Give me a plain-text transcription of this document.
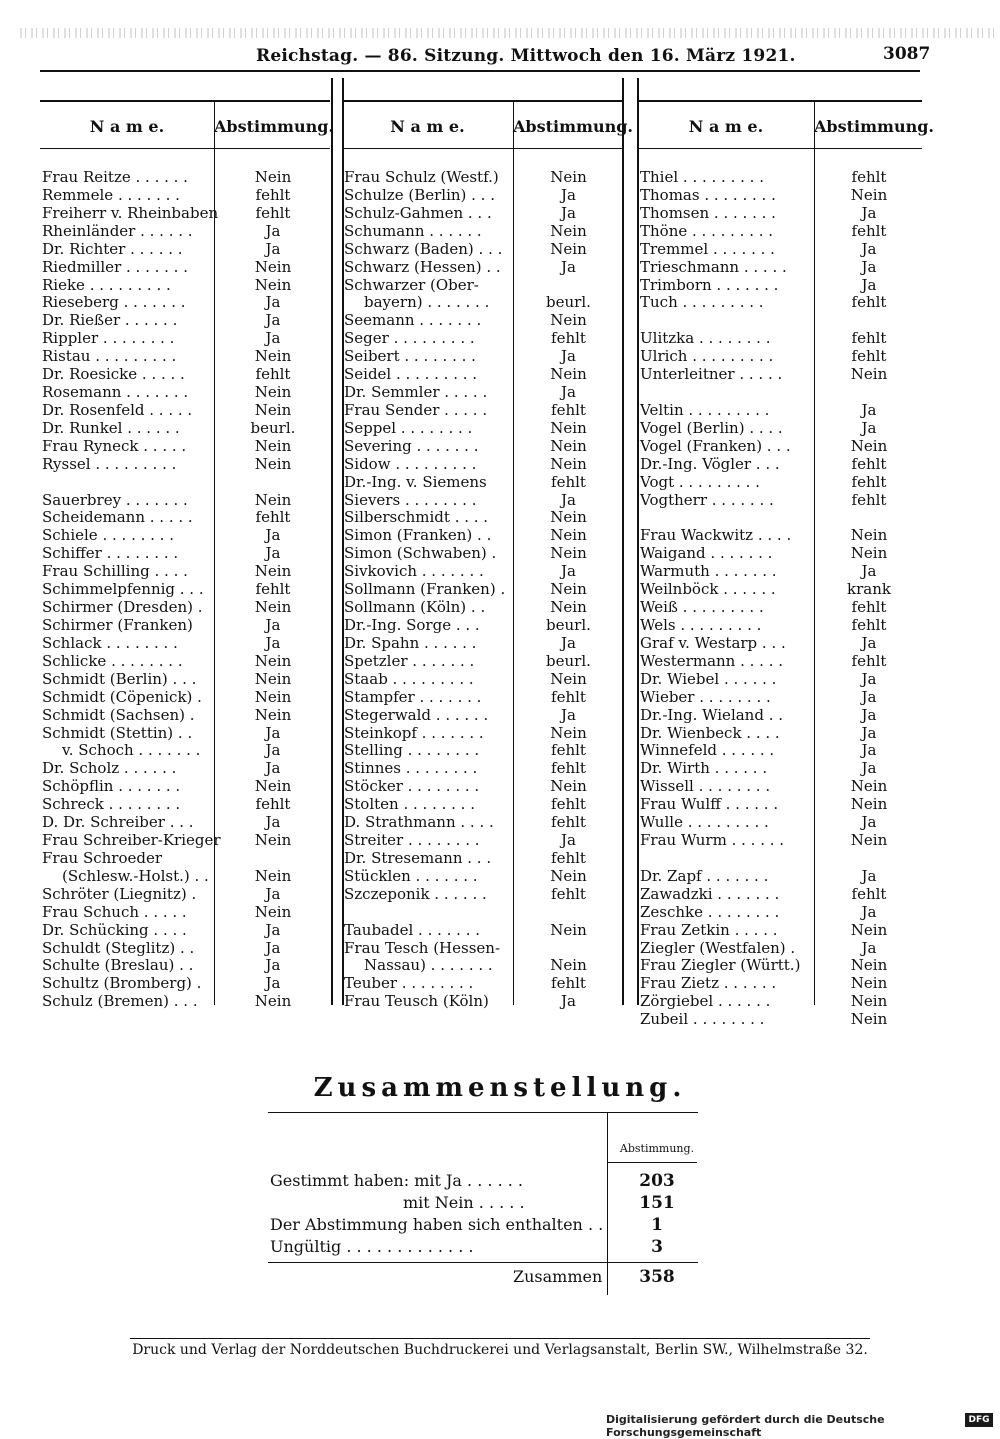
Reichstag. — 86. Sitzung. Mittwoch den 16. März 1921.	3087
N a m e.	Abstimmung.
Frau Reitze . . . . . .	Nein
Remmele . . . . . . .	fehlt
Freiherr v. Rheinbaben	fehlt
Rheinländer . . . . . .	Ja
Dr. Richter . . . . . .	Ja
Riedmiller . . . . . . .	Nein
Rieke . . . . . . . . .	Nein
Rieseberg . . . . . . .	Ja
Dr. Rießer . . . . . .	Ja
Rippler . . . . . . . .	Ja
Ristau . . . . . . . . .	Nein
Dr. Roesicke . . . . .	fehlt
Rosemann . . . . . . .	Nein
Dr. Rosenfeld . . . . .	Nein
Dr. Runkel . . . . . .	beurl.
Frau Ryneck . . . . .	Nein
Ryssel . . . . . . . . .	Nein
Sauerbrey . . . . . . .	Nein
Scheidemann . . . . .	fehlt
Schiele . . . . . . . .	Ja
Schiffer . . . . . . . .	Ja
Frau Schilling . . . .	Nein
Schimmelpfennig . . .	fehlt
Schirmer (Dresden) .	Nein
Schirmer (Franken)	Ja
Schlack . . . . . . . .	Ja
Schlicke . . . . . . . .	Nein
Schmidt (Berlin) . . .	Nein
Schmidt (Cöpenick) .	Nein
Schmidt (Sachsen) .	Nein
Schmidt (Stettin) . .	Ja
v. Schoch . . . . . . .	Ja
Dr. Scholz . . . . . .	Ja
Schöpflin . . . . . . .	Nein
Schreck . . . . . . . .	fehlt
D. Dr. Schreiber . . .	Ja
Frau Schreiber-Krieger	Nein
Frau Schroeder
(Schlesw.-Holst.) . .	Nein
Schröter (Liegnitz) .	Ja
Frau Schuch . . . . .	Nein
Dr. Schücking . . . .	Ja
Schuldt (Steglitz) . .	Ja
Schulte (Breslau) . .	Ja
Schultz (Bromberg) .	Ja
Schulz (Bremen) . . .	Nein
N a m e.	Abstimmung.
Frau Schulz (Westf.)	Nein
Schulze (Berlin) . . .	Ja
Schulz-Gahmen . . .	Ja
Schumann . . . . . .	Nein
Schwarz (Baden) . . .	Nein
Schwarz (Hessen) . .	Ja
Schwarzer (Ober-
bayern) . . . . . . .	beurl.
Seemann . . . . . . .	Nein
Seger . . . . . . . . .	fehlt
Seibert . . . . . . . .	Ja
Seidel . . . . . . . . .	Nein
Dr. Semmler . . . . .	Ja
Frau Sender . . . . .	fehlt
Seppel . . . . . . . .	Nein
Severing . . . . . . .	Nein
Sidow . . . . . . . . .	Nein
Dr.-Ing. v. Siemens	fehlt
Sievers . . . . . . . .	Ja
Silberschmidt . . . .	Nein
Simon (Franken) . .	Nein
Simon (Schwaben) .	Nein
Sivkovich . . . . . . .	Ja
Sollmann (Franken) .	Nein
Sollmann (Köln) . .	Nein
Dr.-Ing. Sorge . . .	beurl.
Dr. Spahn . . . . . .	Ja
Spetzler . . . . . . .	beurl.
Staab . . . . . . . . .	Nein
Stampfer . . . . . . .	fehlt
Stegerwald . . . . . .	Ja
Steinkopf . . . . . . .	Nein
Stelling . . . . . . . .	fehlt
Stinnes . . . . . . . .	fehlt
Stöcker . . . . . . . .	Nein
Stolten . . . . . . . .	fehlt
D. Strathmann . . . .	fehlt
Streiter . . . . . . . .	Ja
Dr. Stresemann . . .	fehlt
Stücklen . . . . . . .	Nein
Szczeponik . . . . . .	fehlt
Taubadel . . . . . . .	Nein
Frau Tesch (Hessen-
Nassau) . . . . . . .	Nein
Teuber . . . . . . . .	fehlt
Frau Teusch (Köln)	Ja
N a m e.	Abstimmung.
Thiel . . . . . . . . .	fehlt
Thomas . . . . . . . .	Nein
Thomsen . . . . . . .	Ja
Thöne . . . . . . . . .	fehlt
Tremmel . . . . . . .	Ja
Trieschmann . . . . .	Ja
Trimborn . . . . . . .	Ja
Tuch . . . . . . . . .	fehlt
Ulitzka . . . . . . . .	fehlt
Ulrich . . . . . . . . .	fehlt
Unterleitner . . . . .	Nein
Veltin . . . . . . . . .	Ja
Vogel (Berlin) . . . .	Ja
Vogel (Franken) . . .	Nein
Dr.-Ing. Vögler . . .	fehlt
Vogt . . . . . . . . .	fehlt
Vogtherr . . . . . . .	fehlt
Frau Wackwitz . . . .	Nein
Waigand . . . . . . .	Nein
Warmuth . . . . . . .	Ja
Weilnböck . . . . . .	krank
Weiß . . . . . . . . .	fehlt
Wels . . . . . . . . .	fehlt
Graf v. Westarp . . .	Ja
Westermann . . . . .	fehlt
Dr. Wiebel . . . . . .	Ja
Wieber . . . . . . . .	Ja
Dr.-Ing. Wieland . .	Ja
Dr. Wienbeck . . . .	Ja
Winnefeld . . . . . .	Ja
Dr. Wirth . . . . . .	Ja
Wissell . . . . . . . .	Nein
Frau Wulff . . . . . .	Nein
Wulle . . . . . . . . .	Ja
Frau Wurm . . . . . .	Nein
Dr. Zapf . . . . . . .	Ja
Zawadzki . . . . . . .	fehlt
Zeschke . . . . . . . .	Ja
Frau Zetkin . . . . .	Nein
Ziegler (Westfalen) .	Ja
Frau Ziegler (Württ.)	Nein
Frau Zietz . . . . . .	Nein
Zörgiebel . . . . . .	Nein
Zubeil . . . . . . . .	Nein
Zusammenstellung.
Abstimmung.
Gestimmt haben: mit Ja . . . . . .	203
mit Nein . . . . .	151
Der Abstimmung haben sich enthalten . .	1
Ungültig . . . . . . . . . . . . .	3
Zusammen	358
Druck und Verlag der Norddeutschen Buchdruckerei und Verlagsanstalt, Berlin SW., Wilhelmstraße 32.
Digitalisierung gefördert durch die Deutsche Forschungsgemeinschaft
DFG
